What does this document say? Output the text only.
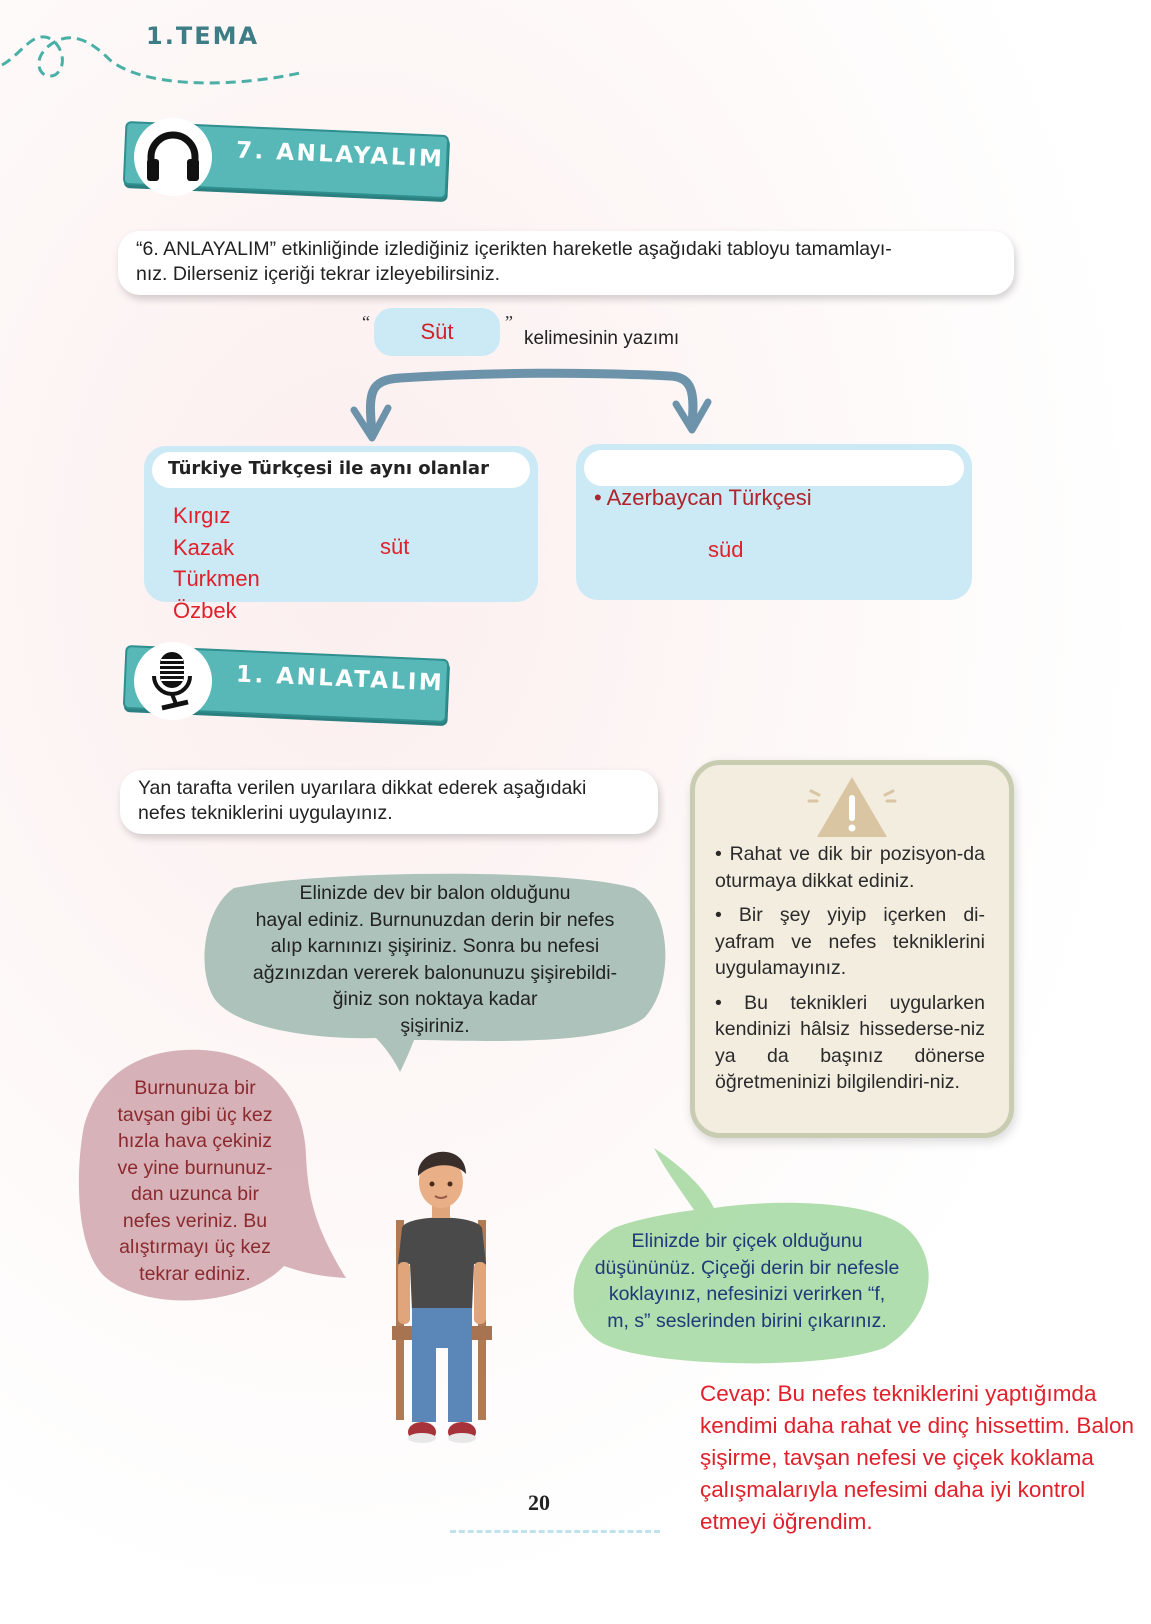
1.TEMA
7. ANLAYALIM
“6. ANLAYALIM” etkinliğinde izlediğiniz içerikten hareketle aşağıdaki tabloyu tamamlayı-
nız. Dilerseniz içeriği tekrar izleyebilirsiniz.
“ Süt	”
kelimesinin yazımı
Türkiye Türkçesi ile aynı olanlar
Kırgız
Kazak
Türkmen
Özbek
süt
• Azerbaycan Türkçesi
süd
1. ANLATALIM
Yan tarafta verilen uyarılara dikkat ederek aşağıdaki
nefes tekniklerini uygulayınız.
Elinizde dev bir balon olduğunu
hayal ediniz. Burnunuzdan derin bir nefes
alıp karnınızı şişiriniz. Sonra bu nefesi
ağzınızdan vererek balonunuzu şişirebildi-
ğiniz son noktaya kadar
şişiriniz.

• Rahat ve dik bir pozisyon-da oturmaya dikkat ediniz.

• Bir şey yiyip içerken di-yafram ve nefes tekniklerini uygulamayınız.

• Bu teknikleri uygularken kendinizi hâlsiz hissederse-niz ya da başınız dönerse öğretmeninizi bilgilendiri-niz.

Burnunuza bir
tavşan gibi üç kez
hızla hava çekiniz
ve yine burnunuz-
dan uzunca bir
nefes veriniz. Bu
alıştırmayı üç kez
tekrar ediniz.
Elinizde bir çiçek olduğunu
düşününüz. Çiçeği derin bir nefesle
koklayınız, nefesinizi verirken “f,
m, s” seslerinden birini çıkarınız.
Cevap: Bu nefes tekniklerini yaptığımda kendimi daha rahat ve dinç hissettim. Balon şişirme, tavşan nefesi ve çiçek koklama çalışmalarıyla nefesimi daha iyi kontrol etmeyi öğrendim.
20
